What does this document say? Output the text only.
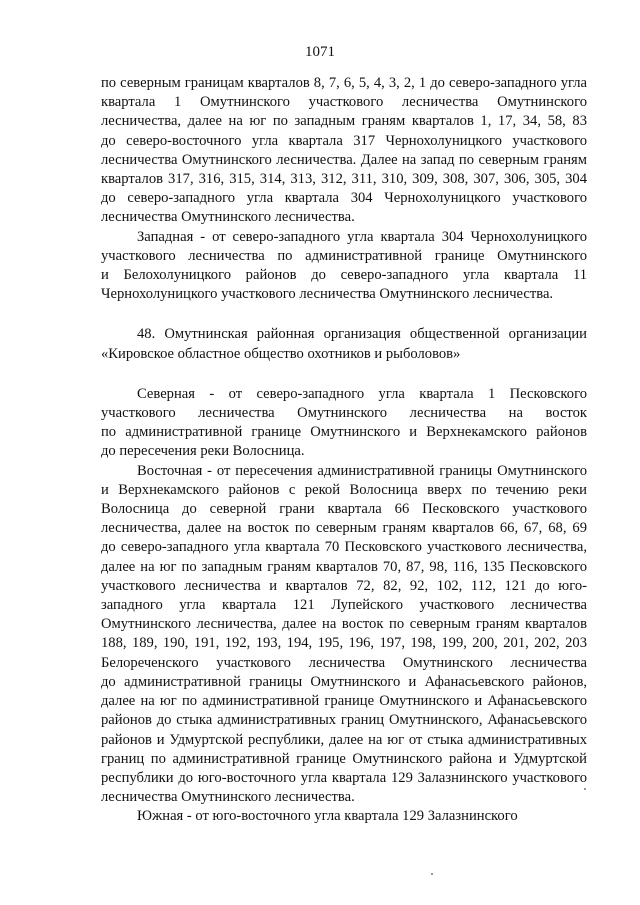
1071

по северным границам кварталов 8, 7, 6, 5, 4, 3, 2, 1 до северо-западного угла
квартала 1 Омутнинского участкового лесничества Омутнинского
лесничества, далее на юг по западным граням кварталов 1, 17, 34, 58, 83
до северо-восточного угла квартала 317 Чернохолуницкого участкового
лесничества Омутнинского лесничества. Далее на запад по северным граням
кварталов 317, 316, 315, 314, 313, 312, 311, 310, 309, 308, 307, 306, 305, 304
до северо-западного угла квартала 304 Чернохолуницкого участкового
лесничества Омутнинского лесничества.

Западная - от северо-западного угла квартала 304 Чернохолуницкого
участкового лесничества по административной границе Омутнинского
и Белохолуницкого районов до северо-западного угла квартала 11
Чернохолуницкого участкового лесничества Омутнинского лесничества.

48. Омутнинская районная организация общественной организации
«Кировское областное общество охотников и рыболовов»

Северная - от северо-западного угла квартала 1 Песковского
участкового лесничества Омутнинского лесничества на восток
по административной границе Омутнинского и Верхнекамского районов
до пересечения реки Волосница.

Восточная - от пересечения административной границы Омутнинского
и Верхнекамского районов с рекой Волосница вверх по течению реки
Волосница до северной грани квартала 66 Песковского участкового
лесничества, далее на восток по северным граням кварталов 66, 67, 68, 69
до северо-западного угла квартала 70 Песковского участкового лесничества,
далее на юг по западным граням кварталов 70, 87, 98, 116, 135 Песковского
участкового лесничества и кварталов 72, 82, 92, 102, 112, 121 до юго-
западного угла квартала 121 Лупейского участкового лесничества
Омутнинского лесничества, далее на восток по северным граням кварталов
188, 189, 190, 191, 192, 193, 194, 195, 196, 197, 198, 199, 200, 201, 202, 203
Белореченского участкового лесничества Омутнинского лесничества
до административной границы Омутнинского и Афанасьевского районов,
далее на юг по административной границе Омутнинского и Афанасьевского
районов до стыка административных границ Омутнинского, Афанасьевского
районов и Удмуртской республики, далее на юг от стыка административных
границ по административной границе Омутнинского района и Удмуртской
республики до юго-восточного угла квартала 129 Залазнинского участкового
лесничества Омутнинского лесничества.

Южная - от юго-восточного угла квартала 129 Залазнинского
